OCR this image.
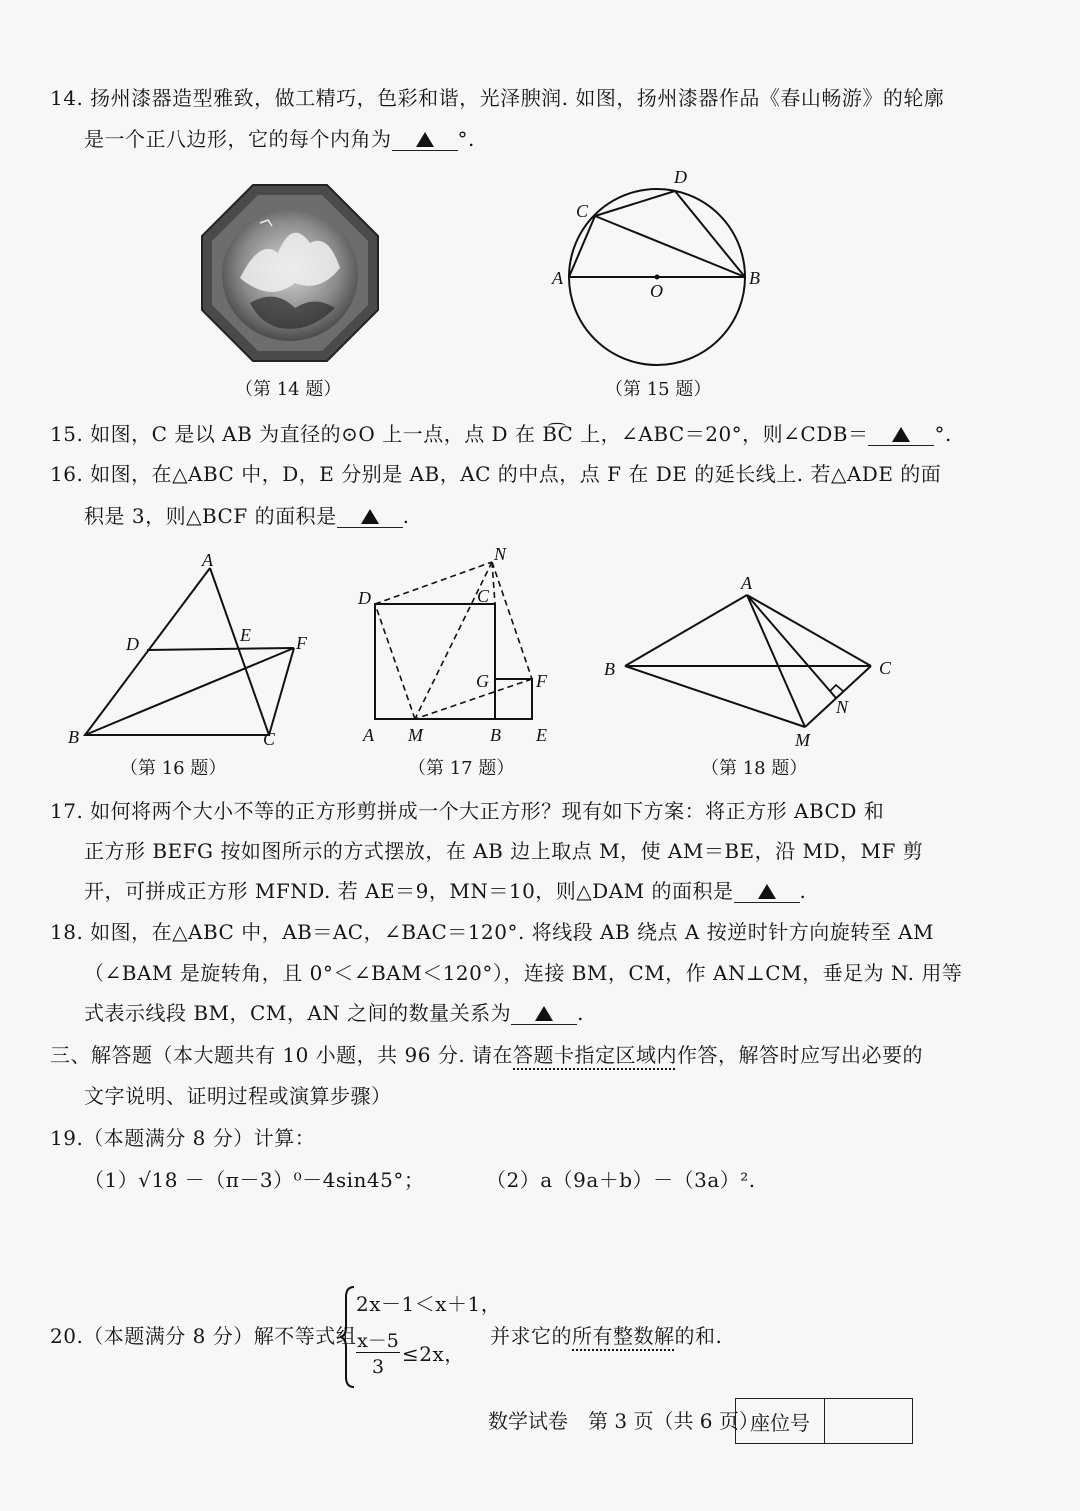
14. 扬州漆器造型雅致，做工精巧，色彩和谐，光泽腴润. 如图，扬州漆器作品《春山畅游》的轮廓
是一个正八边形，它的每个内角为	°.
A	B
C
D
O
（第 14 题）	（第 15 题）
15. 如图，C 是以 AB 为直径的⊙O 上一点，点 D 在 B͡C 上，∠ABC＝20°，则∠CDB＝	°.
16. 如图，在△ABC 中，D，E 分别是 AB，AC 的中点，点 F 在 DE 的延长线上. 若△ADE 的面
积是 3，则△BCF 的面积是	.
A
B	C
D	E	F
D	C
N
G	F
A M	B E
A
B	C
M
N
（第 16 题）	（第 17 题）	（第 18 题）
17. 如何将两个大小不等的正方形剪拼成一个大正方形？现有如下方案：将正方形 ABCD 和
正方形 BEFG 按如图所示的方式摆放，在 AB 边上取点 M，使 AM＝BE，沿 MD，MF 剪
开，可拼成正方形 MFND. 若 AE＝9，MN＝10，则△DAM 的面积是	.
18. 如图，在△ABC 中，AB＝AC，∠BAC＝120°. 将线段 AB 绕点 A 按逆时针方向旋转至 AM
（∠BAM 是旋转角，且 0°＜∠BAM＜120°），连接 BM，CM，作 AN⊥CM，垂足为 N. 用等
式表示线段 BM，CM，AN 之间的数量关系为	.
三、解答题（本大题共有 10 小题，共 96 分. 请在答题卡指定区域内作答，解答时应写出必要的
文字说明、证明过程或演算步骤）
19.（本题满分 8 分）计算：
（1）√18 －（π－3）⁰－4sin45°；	（2）a（9a＋b）－（3a）².
20.（本题满分 8 分）解不等式组
2x－1＜x＋1，
x－5
3
≤2x，
并求它的所有整数解的和.
数学试卷　第 3 页（共 6 页）
座位号
